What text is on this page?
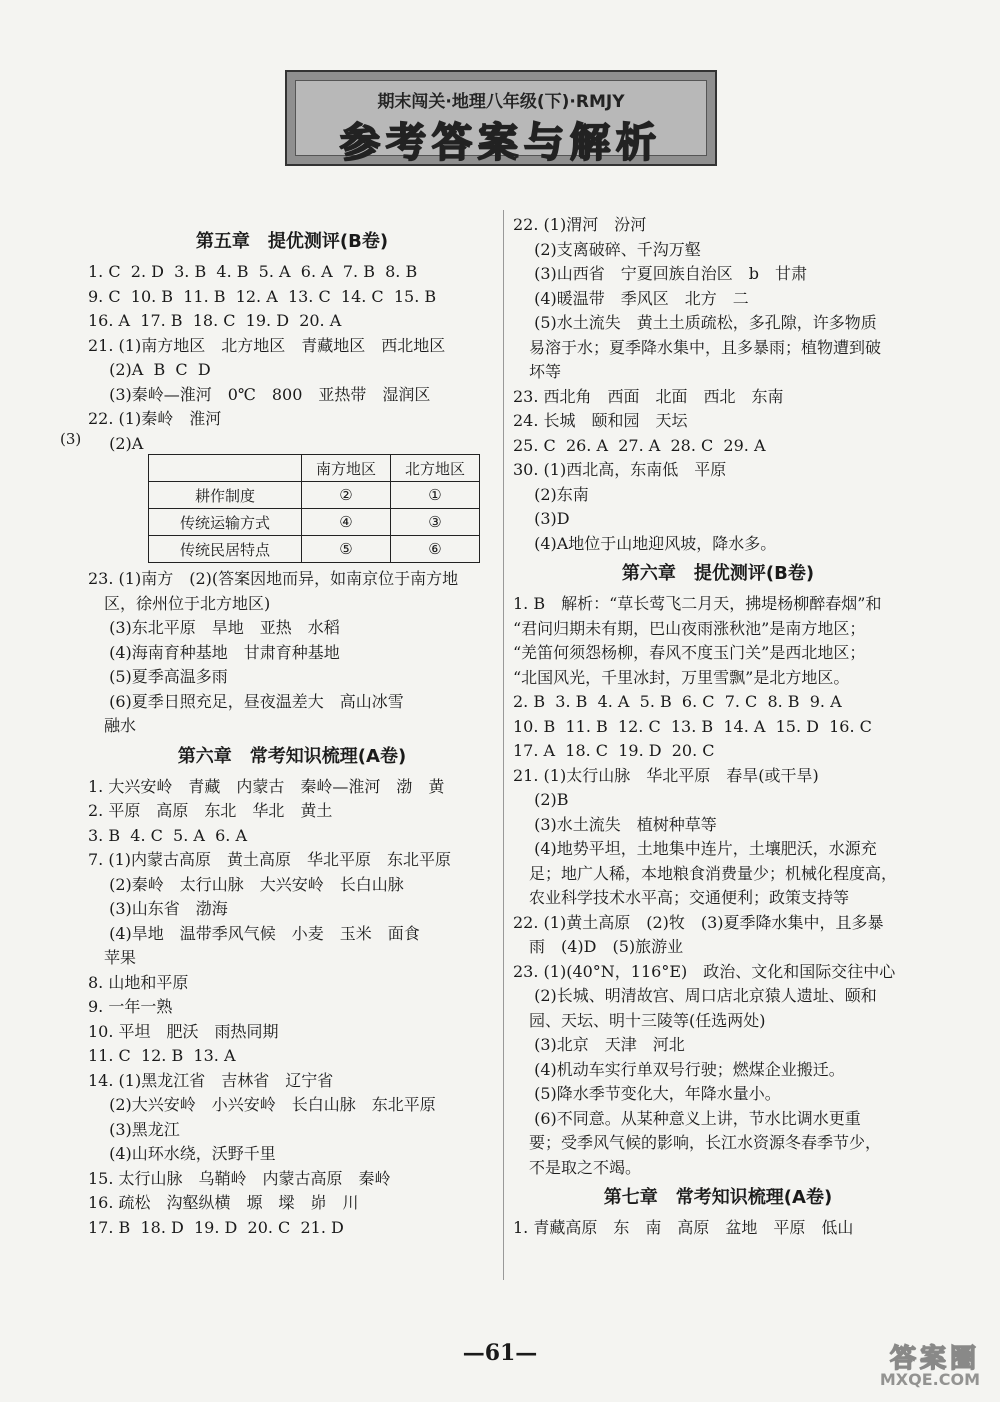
期末闯关·地理八年级(下)·RMJY
参考答案与解析
第五章　提优测评(B卷)
1. C  2. D  3. B  4. B  5. A  6. A  7. B  8. B
9. C  10. B  11. B  12. A  13. C  14. C  15. B
16. A  17. B  18. C  19. D  20. A
21. (1)南方地区　北方地区　青藏地区　西北地区
　 (2)A  B  C  D
　 (3)秦岭—淮河　0℃　800　亚热带　湿润区
22. (1)秦岭　淮河
　 (2)A
(3)	南方地区	北方地区
耕作制度	②	①
传统运输方式	④	③
传统民居特点	⑤	⑥
23. (1)南方　(2)(答案因地而异，如南京位于南方地
　区，徐州位于北方地区)
　 (3)东北平原　旱地　亚热　水稻
　 (4)海南育种基地　甘肃育种基地
　 (5)夏季高温多雨
　 (6)夏季日照充足，昼夜温差大　高山冰雪
　融水
第六章　常考知识梳理(A卷)
1. 大兴安岭　青藏　内蒙古　秦岭—淮河　渤　黄
2. 平原　高原　东北　华北　黄土
3. B  4. C  5. A  6. A
7. (1)内蒙古高原　黄土高原　华北平原　东北平原
　 (2)秦岭　太行山脉　大兴安岭　长白山脉
　 (3)山东省　渤海
　 (4)旱地　温带季风气候　小麦　玉米　面食
　苹果
8. 山地和平原
9. 一年一熟
10. 平坦　肥沃　雨热同期
11. C  12. B  13. A
14. (1)黑龙江省　吉林省　辽宁省
　 (2)大兴安岭　小兴安岭　长白山脉　东北平原
　 (3)黑龙江
　 (4)山环水绕，沃野千里
15. 太行山脉　乌鞘岭　内蒙古高原　秦岭
16. 疏松　沟壑纵横　塬　墚　峁　川
17. B  18. D  19. D  20. C  21. D
22. (1)渭河　汾河
　 (2)支离破碎、千沟万壑
　 (3)山西省　宁夏回族自治区　b　甘肃
　 (4)暖温带　季风区　北方　二
　 (5)水土流失　黄土土质疏松，多孔隙，许多物质
　易溶于水；夏季降水集中，且多暴雨；植物遭到破
　坏等
23. 西北角　西面　北面　西北　东南
24. 长城　颐和园　天坛
25. C  26. A  27. A  28. C  29. A
30. (1)西北高，东南低　平原
　 (2)东南
　 (3)D
　 (4)A地位于山地迎风坡，降水多。
第六章　提优测评(B卷)
1. B　解析：“草长莺飞二月天，拂堤杨柳醉春烟”和
“君问归期未有期，巴山夜雨涨秋池”是南方地区；
“羌笛何须怨杨柳，春风不度玉门关”是西北地区；
“北国风光，千里冰封，万里雪飘”是北方地区。
2. B  3. B  4. A  5. B  6. C  7. C  8. B  9. A
10. B  11. B  12. C  13. B  14. A  15. D  16. C
17. A  18. C  19. D  20. C
21. (1)太行山脉　华北平原　春旱(或干旱)
　 (2)B
　 (3)水土流失　植树种草等
　 (4)地势平坦，土地集中连片，土壤肥沃，水源充
　足；地广人稀，本地粮食消费量少；机械化程度高，
　农业科学技术水平高；交通便利；政策支持等
22. (1)黄土高原　(2)牧　(3)夏季降水集中，且多暴
　雨　(4)D　(5)旅游业
23. (1)(40°N，116°E)　政治、文化和国际交往中心
　 (2)长城、明清故宫、周口店北京猿人遗址、颐和
　园、天坛、明十三陵等(任选两处)
　 (3)北京　天津　河北
　 (4)机动车实行单双号行驶；燃煤企业搬迁。
　 (5)降水季节变化大，年降水量小。
　 (6)不同意。从某种意义上讲，节水比调水更重
　要；受季风气候的影响，长江水资源冬春季节少，
　不是取之不竭。
第七章　常考知识梳理(A卷)
1. 青藏高原　东　南　高原　盆地　平原　低山
—61—	答案圈
MXQE.COM
